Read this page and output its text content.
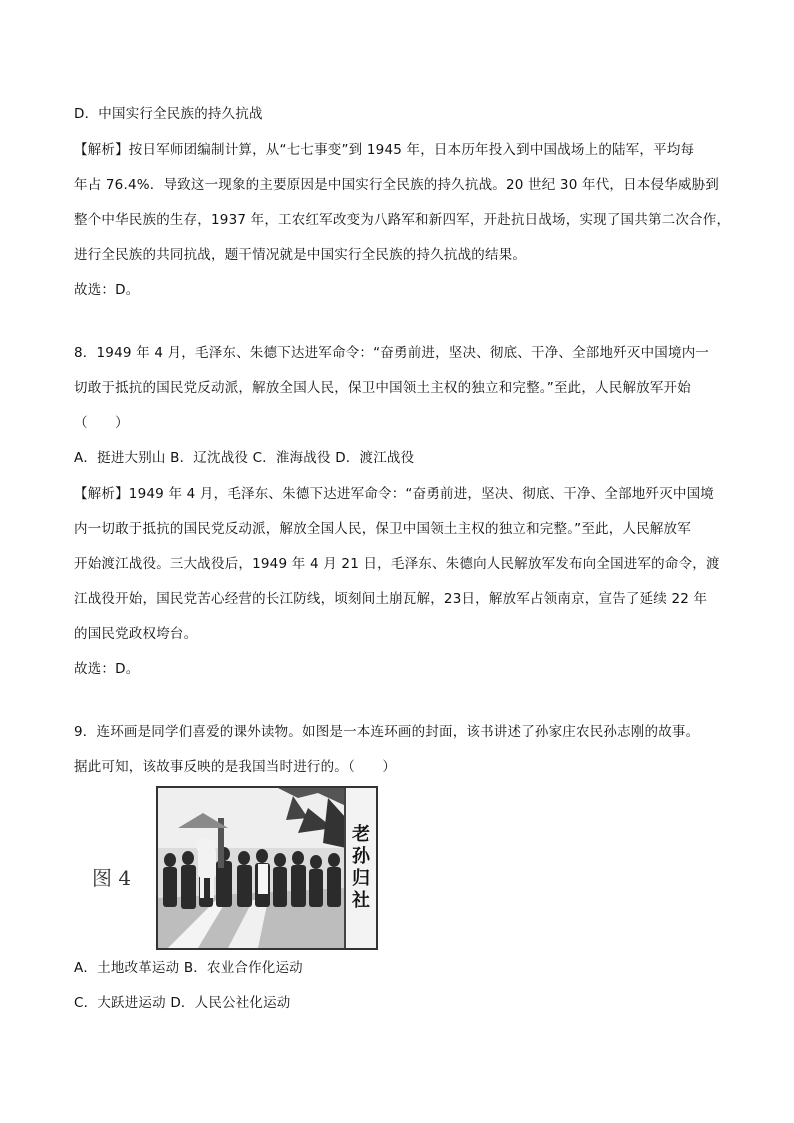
D．中国实行全民族的持久抗战
【解析】按日军师团编制计算，从“七七事变”到 1945 年，日本历年投入到中国战场上的陆军，平均每
年占 76.4%．导致这一现象的主要原因是中国实行全民族的持久抗战。20 世纪 30 年代，日本侵华威胁到
整个中华民族的生存，1937 年，工农红军改变为八路军和新四军，开赴抗日战场，实现了国共第二次合作，
进行全民族的共同抗战，题干情况就是中国实行全民族的持久抗战的结果。
故选：D。
8．1949 年 4 月，毛泽东、朱德下达进军命令：“奋勇前进，坚决、彻底、干净、全部地歼灭中国境内一
切敢于抵抗的国民党反动派，解放全国人民，保卫中国领土主权的独立和完整。”至此，人民解放军开始
（　　）
A．挺进大别山 B．辽沈战役 C．淮海战役 D．渡江战役
【解析】1949 年 4 月，毛泽东、朱德下达进军命令：“奋勇前进，坚决、彻底、干净、全部地歼灭中国境
内一切敢于抵抗的国民党反动派，解放全国人民，保卫中国领土主权的独立和完整。”至此，人民解放军
开始渡江战役。三大战役后，1949 年 4 月 21 日，毛泽东、朱德向人民解放军发布向全国进军的命令，渡
江战役开始，国民党苦心经营的长江防线，顷刻间土崩瓦解，23日，解放军占领南京，宣告了延续 22 年
的国民党政权垮台。
故选：D。
9．连环画是同学们喜爱的课外读物。如图是一本连环画的封面，该书讲述了孙家庄农民孙志刚的故事。
据此可知，该故事反映的是我国当时进行的。（　　）
A．土地改革运动 B．农业合作化运动
C．大跃进运动 D．人民公社化运动
图 4
老
孙
归
社
